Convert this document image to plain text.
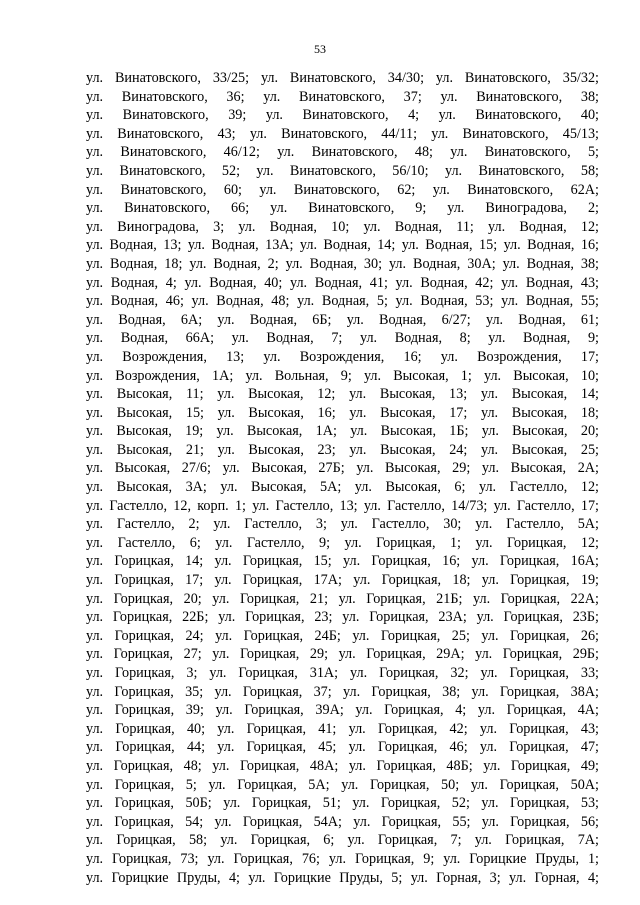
53
ул. Винатовского, 33/25; ул. Винатовского, 34/30; ул. Винатовского, 35/32;
ул. Винатовского, 36; ул. Винатовского, 37; ул. Винатовского, 38;
ул. Винатовского, 39; ул. Винатовского, 4; ул. Винатовского, 40;
ул. Винатовского, 43; ул. Винатовского, 44/11; ул. Винатовского, 45/13;
ул. Винатовского, 46/12; ул. Винатовского, 48; ул. Винатовского, 5;
ул. Винатовского, 52; ул. Винатовского, 56/10; ул. Винатовского, 58;
ул. Винатовского, 60; ул. Винатовского, 62; ул. Винатовского, 62А;
ул. Винатовского, 66; ул. Винатовского, 9; ул. Виноградова, 2;
ул. Виноградова, 3; ул. Водная, 10; ул. Водная, 11; ул. Водная, 12;
ул. Водная, 13; ул. Водная, 13А; ул. Водная, 14; ул. Водная, 15; ул. Водная, 16;
ул. Водная, 18; ул. Водная, 2; ул. Водная, 30; ул. Водная, 30А; ул. Водная, 38;
ул. Водная, 4; ул. Водная, 40; ул. Водная, 41; ул. Водная, 42; ул. Водная, 43;
ул. Водная, 46; ул. Водная, 48; ул. Водная, 5; ул. Водная, 53; ул. Водная, 55;
ул. Водная, 6А; ул. Водная, 6Б; ул. Водная, 6/27; ул. Водная, 61;
ул. Водная, 66А; ул. Водная, 7; ул. Водная, 8; ул. Водная, 9;
ул. Возрождения, 13; ул. Возрождения, 16; ул. Возрождения, 17;
ул. Возрождения, 1А; ул. Вольная, 9; ул. Высокая, 1; ул. Высокая, 10;
ул. Высокая, 11; ул. Высокая, 12; ул. Высокая, 13; ул. Высокая, 14;
ул. Высокая, 15; ул. Высокая, 16; ул. Высокая, 17; ул. Высокая, 18;
ул. Высокая, 19; ул. Высокая, 1А; ул. Высокая, 1Б; ул. Высокая, 20;
ул. Высокая, 21; ул. Высокая, 23; ул. Высокая, 24; ул. Высокая, 25;
ул. Высокая, 27/6; ул. Высокая, 27Б; ул. Высокая, 29; ул. Высокая, 2А;
ул. Высокая, 3А; ул. Высокая, 5А; ул. Высокая, 6; ул. Гастелло, 12;
ул. Гастелло, 12, корп. 1; ул. Гастелло, 13; ул. Гастелло, 14/73; ул. Гастелло, 17;
ул. Гастелло, 2; ул. Гастелло, 3; ул. Гастелло, 30; ул. Гастелло, 5А;
ул. Гастелло, 6; ул. Гастелло, 9; ул. Горицкая, 1; ул. Горицкая, 12;
ул. Горицкая, 14; ул. Горицкая, 15; ул. Горицкая, 16; ул. Горицкая, 16А;
ул. Горицкая, 17; ул. Горицкая, 17А; ул. Горицкая, 18; ул. Горицкая, 19;
ул. Горицкая, 20; ул. Горицкая, 21; ул. Горицкая, 21Б; ул. Горицкая, 22А;
ул. Горицкая, 22Б; ул. Горицкая, 23; ул. Горицкая, 23А; ул. Горицкая, 23Б;
ул. Горицкая, 24; ул. Горицкая, 24Б; ул. Горицкая, 25; ул. Горицкая, 26;
ул. Горицкая, 27; ул. Горицкая, 29; ул. Горицкая, 29А; ул. Горицкая, 29Б;
ул. Горицкая, 3; ул. Горицкая, 31А; ул. Горицкая, 32; ул. Горицкая, 33;
ул. Горицкая, 35; ул. Горицкая, 37; ул. Горицкая, 38; ул. Горицкая, 38А;
ул. Горицкая, 39; ул. Горицкая, 39А; ул. Горицкая, 4; ул. Горицкая, 4А;
ул. Горицкая, 40; ул. Горицкая, 41; ул. Горицкая, 42; ул. Горицкая, 43;
ул. Горицкая, 44; ул. Горицкая, 45; ул. Горицкая, 46; ул. Горицкая, 47;
ул. Горицкая, 48; ул. Горицкая, 48А; ул. Горицкая, 48Б; ул. Горицкая, 49;
ул. Горицкая, 5; ул. Горицкая, 5А; ул. Горицкая, 50; ул. Горицкая, 50А;
ул. Горицкая, 50Б; ул. Горицкая, 51; ул. Горицкая, 52; ул. Горицкая, 53;
ул. Горицкая, 54; ул. Горицкая, 54А; ул. Горицкая, 55; ул. Горицкая, 56;
ул. Горицкая, 58; ул. Горицкая, 6; ул. Горицкая, 7; ул. Горицкая, 7А;
ул. Горицкая, 73; ул. Горицкая, 76; ул. Горицкая, 9; ул. Горицкие Пруды, 1;
ул. Горицкие Пруды, 4; ул. Горицкие Пруды, 5; ул. Горная, 3; ул. Горная, 4;
